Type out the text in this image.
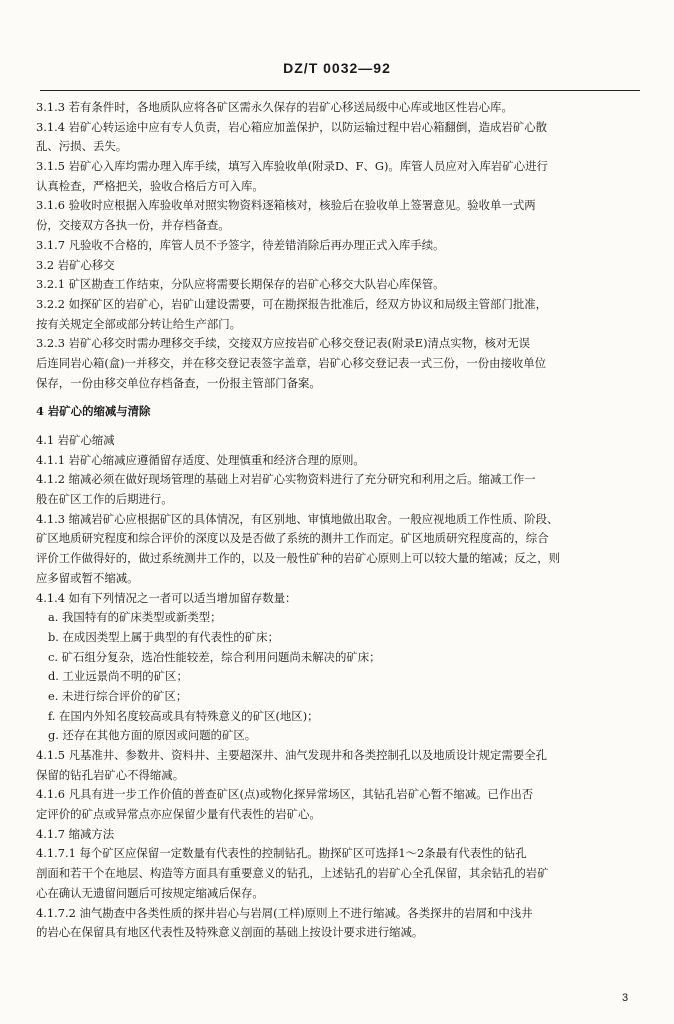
DZ/T 0032—92
3.1.3 若有条件时，各地质队应将各矿区需永久保存的岩矿心移送局级中心库或地区性岩心库。
3.1.4 岩矿心转运途中应有专人负责，岩心箱应加盖保护，以防运输过程中岩心箱翻倒，造成岩矿心散
乱、污损、丢失。
3.1.5 岩矿心入库均需办理入库手续，填写入库验收单(附录D、F、G)。库管人员应对入库岩矿心进行
认真检查，严格把关，验收合格后方可入库。
3.1.6 验收时应根据入库验收单对照实物资料逐箱核对，核验后在验收单上签署意见。验收单一式两
份，交接双方各执一份，并存档备查。
3.1.7 凡验收不合格的，库管人员不予签字，待差错消除后再办理正式入库手续。
3.2 岩矿心移交
3.2.1 矿区勘查工作结束，分队应将需要长期保存的岩矿心移交大队岩心库保管。
3.2.2 如探矿区的岩矿心，岩矿山建设需要，可在勘探报告批准后，经双方协议和局级主管部门批准，
按有关规定全部或部分转让给生产部门。
3.2.3 岩矿心移交时需办理移交手续，交接双方应按岩矿心移交登记表(附录E)清点实物，核对无误
后连同岩心箱(盒)一并移交，并在移交登记表签字盖章，岩矿心移交登记表一式三份，一份由接收单位
保存，一份由移交单位存档备查，一份报主管部门备案。
4 岩矿心的缩减与清除
4.1 岩矿心缩减
4.1.1 岩矿心缩减应遵循留存适度、处理慎重和经济合理的原则。
4.1.2 缩减必须在做好现场管理的基础上对岩矿心实物资料进行了充分研究和利用之后。缩减工作一
般在矿区工作的后期进行。
4.1.3 缩减岩矿心应根据矿区的具体情况，有区别地、审慎地做出取舍。一般应视地质工作性质、阶段、
矿区地质研究程度和综合评价的深度以及是否做了系统的测井工作而定。矿区地质研究程度高的，综合
评价工作做得好的，做过系统测井工作的，以及一般性矿种的岩矿心原则上可以较大量的缩减；反之，则
应多留或暂不缩减。
4.1.4 如有下列情况之一者可以适当增加留存数量：
a. 我国特有的矿床类型或新类型；
b. 在成因类型上属于典型的有代表性的矿床；
c. 矿石组分复杂，选冶性能较差，综合利用问题尚未解决的矿床；
d. 工业远景尚不明的矿区；
e. 未进行综合评价的矿区；
f. 在国内外知名度较高或具有特殊意义的矿区(地区)；
g. 还存在其他方面的原因或问题的矿区。
4.1.5 凡基准井、参数井、资料井、主要超深井、油气发现井和各类控制孔以及地质设计规定需要全孔
保留的钻孔岩矿心不得缩减。
4.1.6 凡具有进一步工作价值的普查矿区(点)或物化探异常场区，其钻孔岩矿心暂不缩减。已作出否
定评价的矿点或异常点亦应保留少量有代表性的岩矿心。
4.1.7 缩减方法
4.1.7.1 每个矿区应保留一定数量有代表性的控制钻孔。勘探矿区可选择1～2条最有代表性的钻孔
剖面和若干个在地层、构造等方面具有重要意义的钻孔，上述钻孔的岩矿心全孔保留，其余钻孔的岩矿
心在确认无遗留问题后可按规定缩减后保存。
4.1.7.2 油气勘查中各类性质的探井岩心与岩屑(工样)原则上不进行缩减。各类探井的岩屑和中浅井
的岩心在保留具有地区代表性及特殊意义剖面的基础上按设计要求进行缩减。
3
